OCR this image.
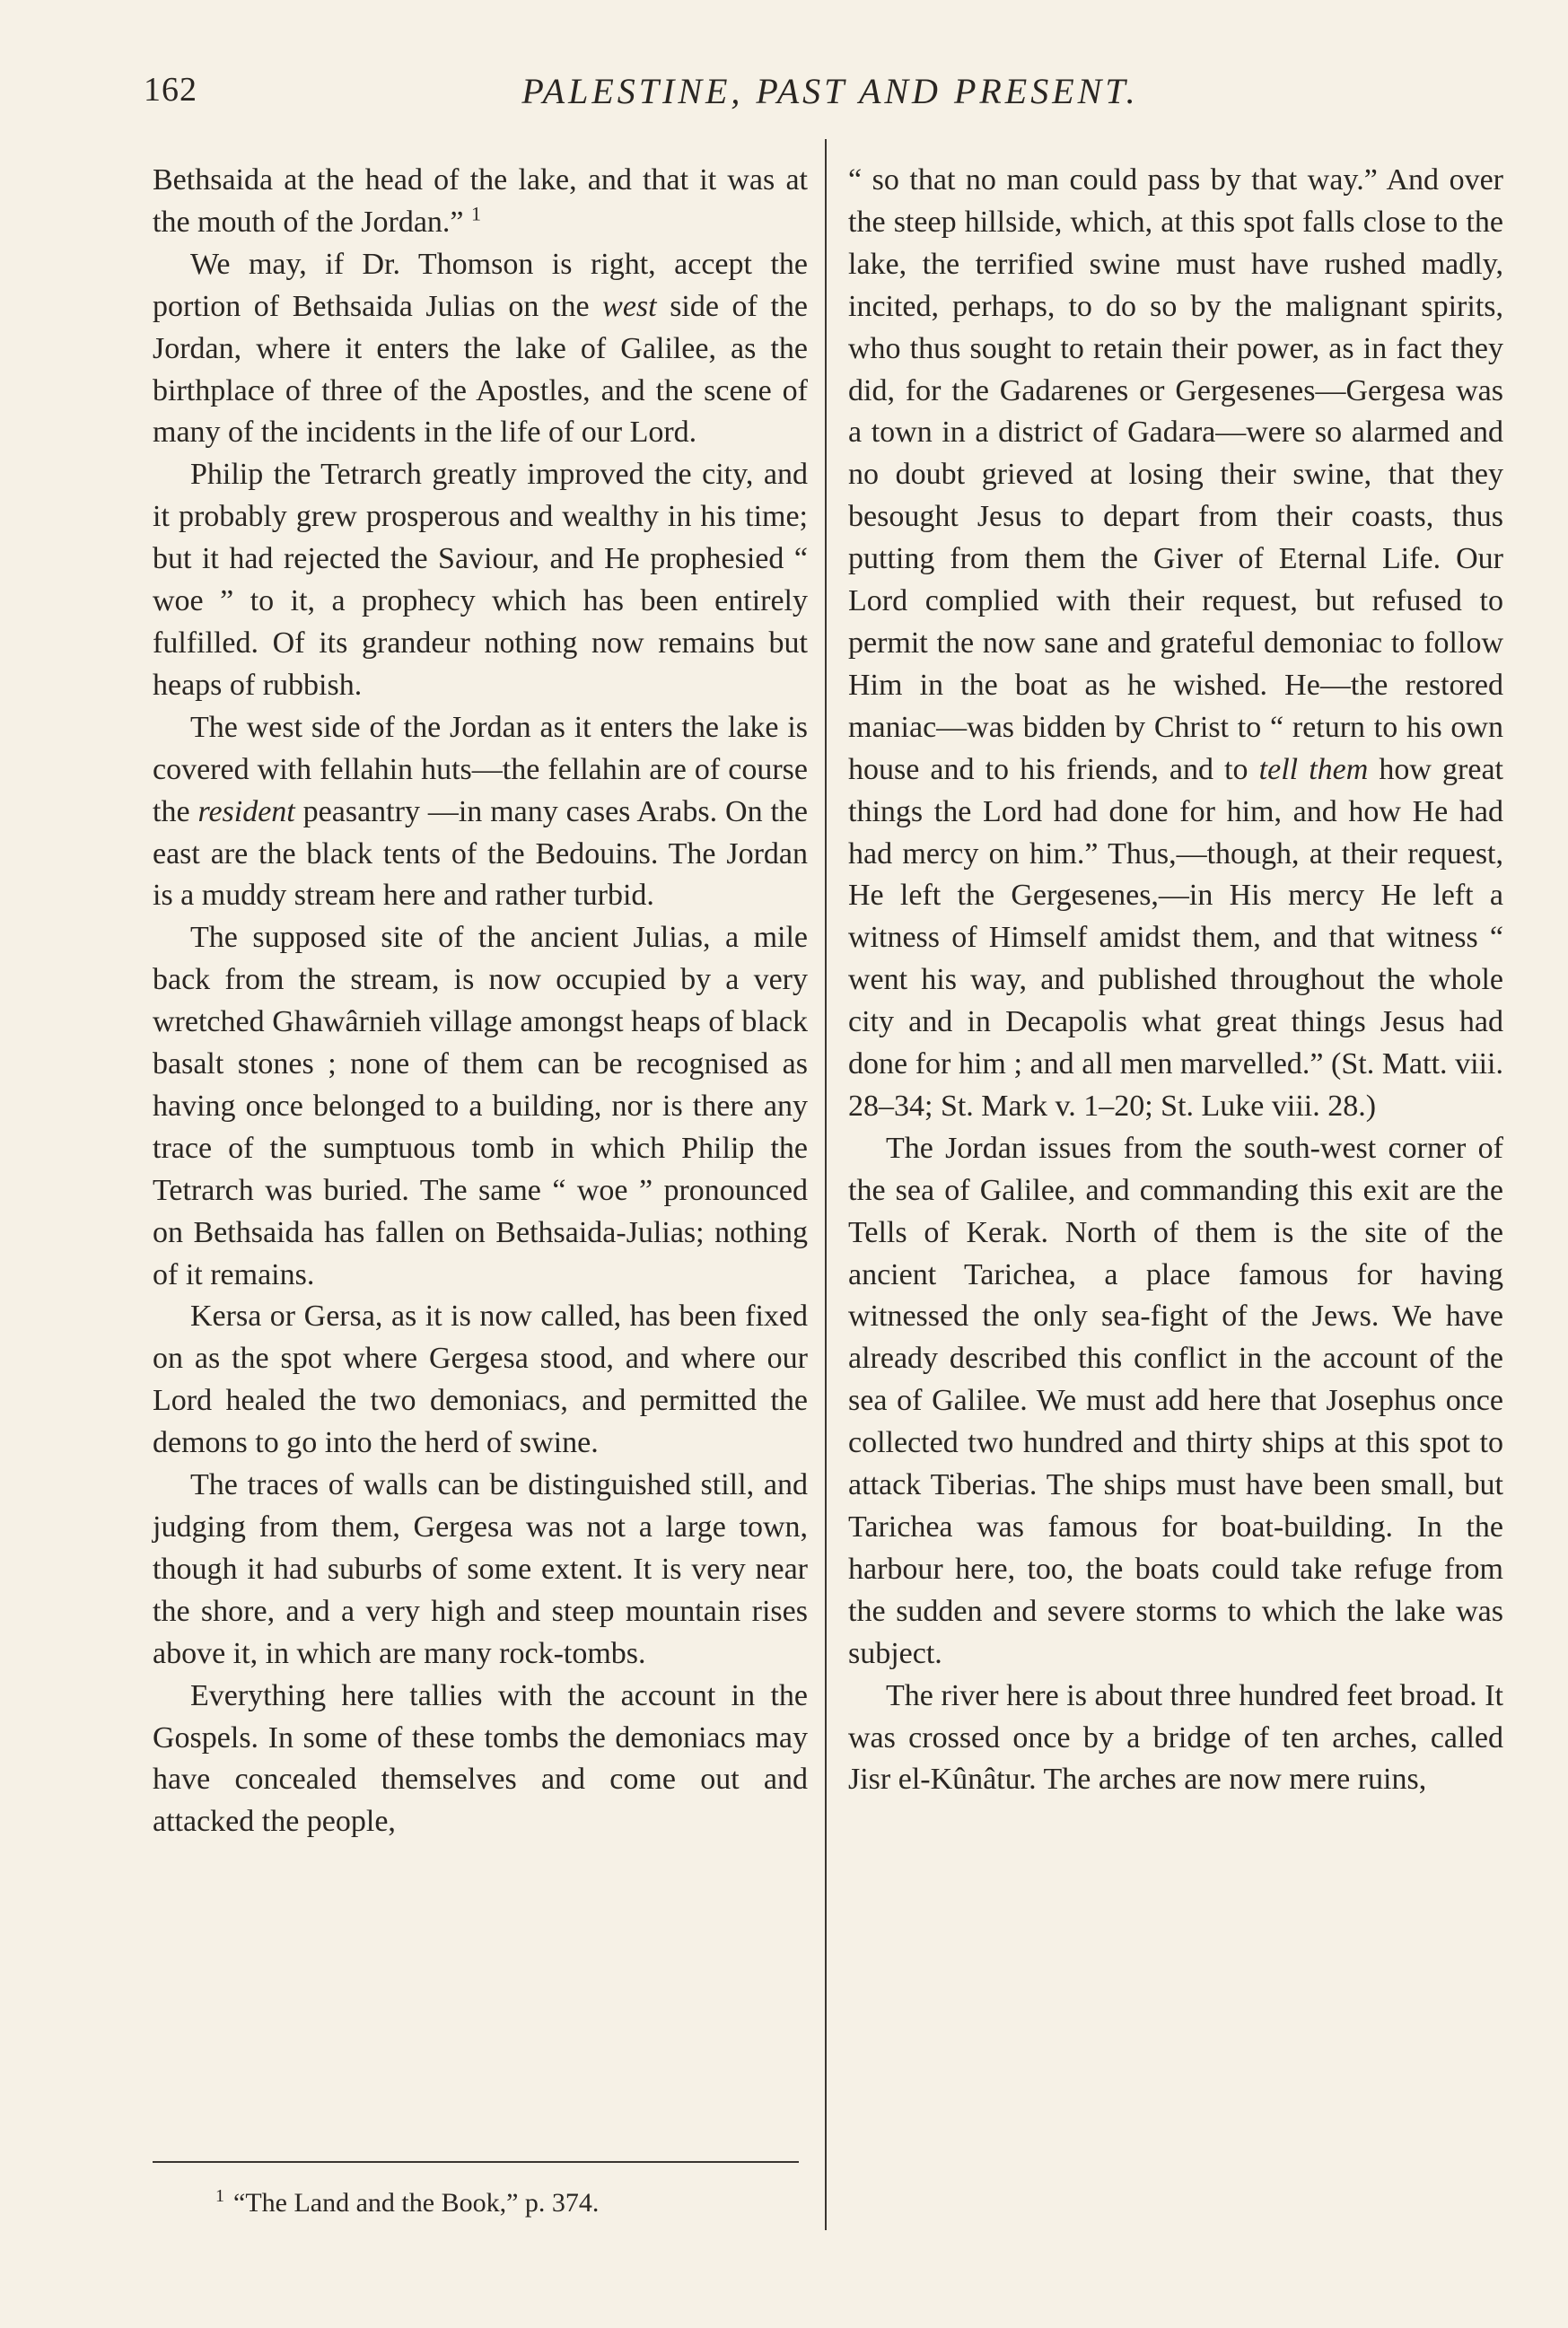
162	PALESTINE, PAST AND PRESENT.

Bethsaida at the head of the lake, and that it was at the mouth of the Jordan.” $^1$

We may, if Dr. Thomson is right, accept the portion of Bethsaida Julias on the west side of the Jordan, where it enters the lake of Galilee, as the birthplace of three of the Apostles, and the scene of many of the incidents in the life of our Lord.

Philip the Tetrarch greatly improved the city, and it probably grew prosperous and wealthy in his time; but it had rejected the Saviour, and He prophesied “ woe ” to it, a prophecy which has been entirely fulfilled. Of its grandeur nothing now remains but heaps of rubbish.

The west side of the Jordan as it enters the lake is covered with fellahin huts—the fellahin are of course the resident peasantry —in many cases Arabs. On the east are the black tents of the Bedouins. The Jordan is a muddy stream here and rather turbid.

The supposed site of the ancient Julias, a mile back from the stream, is now occupied by a very wretched Ghawârnieh village amongst heaps of black basalt stones ; none of them can be recognised as having once belonged to a building, nor is there any trace of the sumptuous tomb in which Philip the Tetrarch was buried. The same “ woe ” pronounced on Bethsaida has fallen on Bethsaida-Julias; nothing of it remains.

Kersa or Gersa, as it is now called, has been fixed on as the spot where Gergesa stood, and where our Lord healed the two demoniacs, and permitted the demons to go into the herd of swine.

The traces of walls can be distinguished still, and judging from them, Gergesa was not a large town, though it had suburbs of some extent. It is very near the shore, and a very high and steep mountain rises above it, in which are many rock-tombs.

Everything here tallies with the account in the Gospels. In some of these tombs the demoniacs may have concealed themselves and come out and attacked the people,

“ so that no man could pass by that way.” And over the steep hillside, which, at this spot falls close to the lake, the terrified swine must have rushed madly, incited, perhaps, to do so by the malignant spirits, who thus sought to retain their power, as in fact they did, for the Gadarenes or Gergesenes—Gergesa was a town in a district of Gadara—were so alarmed and no doubt grieved at losing their swine, that they besought Jesus to depart from their coasts, thus putting from them the Giver of Eternal Life. Our Lord complied with their request, but refused to permit the now sane and grateful demoniac to follow Him in the boat as he wished. He—the restored maniac—was bidden by Christ to “ return to his own house and to his friends, and to tell them how great things the Lord had done for him, and how He had had mercy on him.” Thus,—though, at their request, He left the Gergesenes,—in His mercy He left a witness of Himself amidst them, and that witness “ went his way, and published throughout the whole city and in Decapolis what great things Jesus had done for him ; and all men marvelled.” (St. Matt. viii. 28–34; St. Mark v. 1–20; St. Luke viii. 28.)

The Jordan issues from the south-west corner of the sea of Galilee, and commanding this exit are the Tells of Kerak. North of them is the site of the ancient Tarichea, a place famous for having witnessed the only sea-fight of the Jews. We have already described this conflict in the account of the sea of Galilee. We must add here that Josephus once collected two hundred and thirty ships at this spot to attack Tiberias. The ships must have been small, but Tarichea was famous for boat-building. In the harbour here, too, the boats could take refuge from the sudden and severe storms to which the lake was subject.

The river here is about three hundred feet broad. It was crossed once by a bridge of ten arches, called Jisr el-Kûnâtur. The arches are now mere ruins,

$^1$ “The Land and the Book,” p. 374.
